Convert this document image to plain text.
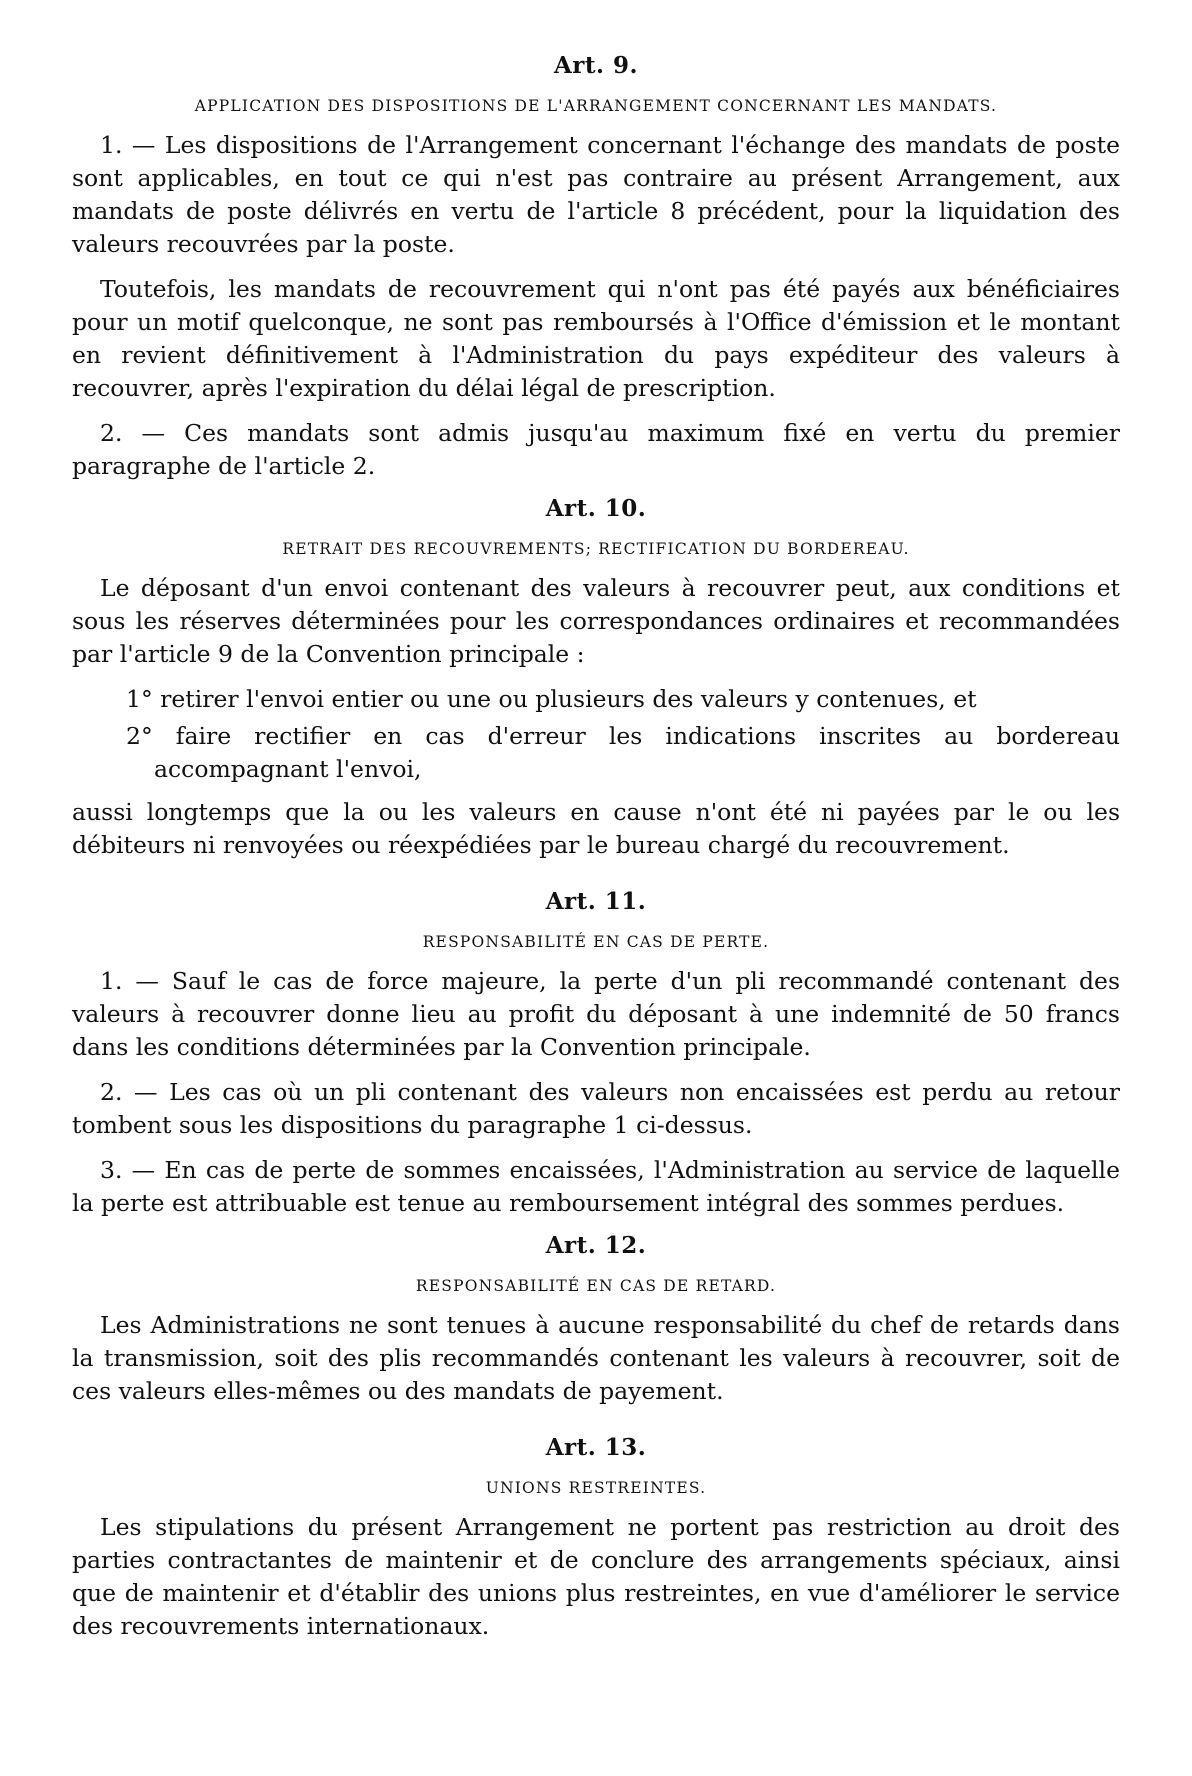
Art. 9.
APPLICATION DES DISPOSITIONS DE L'ARRANGEMENT CONCERNANT LES MANDATS.

1. — Les dispositions de l'Arrangement concernant l'échange des mandats de poste sont applicables, en tout ce qui n'est pas contraire au présent Arrangement, aux mandats de poste délivrés en vertu de l'article 8 précédent, pour la liquidation des valeurs recouvrées par la poste.

Toutefois, les mandats de recouvrement qui n'ont pas été payés aux bénéficiaires pour un motif quelconque, ne sont pas remboursés à l'Office d'émission et le montant en revient définitivement à l'Administration du pays expéditeur des valeurs à recouvrer, après l'expiration du délai légal de prescription.

2. — Ces mandats sont admis jusqu'au maximum fixé en vertu du premier paragraphe de l'article 2.

Art. 10.
RETRAIT DES RECOUVREMENTS; RECTIFICATION DU BORDEREAU.

Le déposant d'un envoi contenant des valeurs à recouvrer peut, aux conditions et sous les réserves déterminées pour les correspondances ordinaires et recommandées par l'article 9 de la Convention principale :

1° retirer l'envoi entier ou une ou plusieurs des valeurs y contenues, et
2° faire rectifier en cas d'erreur les indications inscrites au bordereau accompagnant l'envoi,

aussi longtemps que la ou les valeurs en cause n'ont été ni payées par le ou les débiteurs ni renvoyées ou réexpédiées par le bureau chargé du recouvrement.

Art. 11.
RESPONSABILITÉ EN CAS DE PERTE.

1. — Sauf le cas de force majeure, la perte d'un pli recommandé contenant des valeurs à recouvrer donne lieu au profit du déposant à une indemnité de 50 francs dans les conditions déterminées par la Convention principale.

2. — Les cas où un pli contenant des valeurs non encaissées est perdu au retour tombent sous les dispositions du paragraphe 1 ci-dessus.

3. — En cas de perte de sommes encaissées, l'Administration au service de laquelle la perte est attribuable est tenue au remboursement intégral des sommes perdues.

Art. 12.
RESPONSABILITÉ EN CAS DE RETARD.

Les Administrations ne sont tenues à aucune responsabilité du chef de retards dans la transmission, soit des plis recommandés contenant les valeurs à recouvrer, soit de ces valeurs elles-mêmes ou des mandats de payement.

Art. 13.
UNIONS RESTREINTES.

Les stipulations du présent Arrangement ne portent pas restriction au droit des parties contractantes de maintenir et de conclure des arrangements spéciaux, ainsi que de maintenir et d'établir des unions plus restreintes, en vue d'améliorer le service des recouvrements internationaux.
